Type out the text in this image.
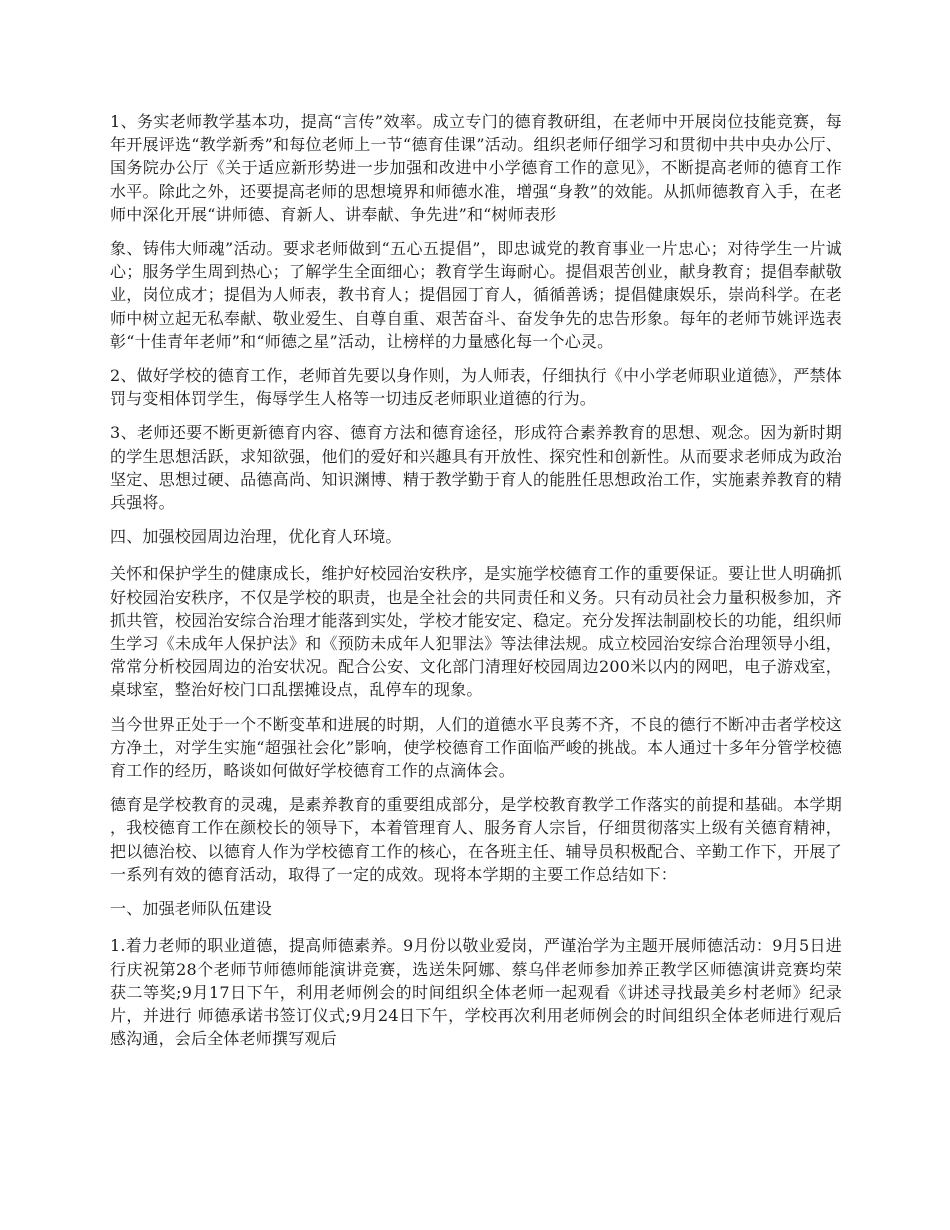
1、务实老师教学基本功，提高“言传”效率。成立专门的德育教研组，在老师中开展岗位技能竞赛，每年开展评选“教学新秀”和每位老师上一节“德育佳课”活动。组织老师仔细学习和贯彻中共中央办公厅、国务院办公厅《关于适应新形势进一步加强和改进中小学德育工作的意见》，不断提高老师的德育工作水平。除此之外，还要提高老师的思想境界和师德水准，增强“身教”的效能。从抓师德教育入手，在老师中深化开展“讲师德、育新人、讲奉献、争先进”和“树师表形

象、铸伟大师魂”活动。要求老师做到“五心五提倡”，即忠诚党的教育事业一片忠心；对待学生一片诚心；服务学生周到热心；了解学生全面细心；教育学生诲耐心。提倡艰苦创业，献身教育；提倡奉献敬业，岗位成才；提倡为人师表，教书育人；提倡园丁育人，循循善诱；提倡健康娱乐，崇尚科学。在老师中树立起无私奉献、敬业爱生、自尊自重、艰苦奋斗、奋发争先的忠告形象。每年的老师节姚评选表彰“十佳青年老师”和“师德之星”活动，让榜样的力量感化每一个心灵。

2、做好学校的德育工作，老师首先要以身作则，为人师表，仔细执行《中小学老师职业道德》，严禁体罚与变相体罚学生，侮辱学生人格等一切违反老师职业道德的行为。

3、老师还要不断更新德育内容、德育方法和德育途径，形成符合素养教育的思想、观念。因为新时期的学生思想活跃，求知欲强，他们的爱好和兴趣具有开放性、探究性和创新性。从而要求老师成为政治坚定、思想过硬、品德高尚、知识渊博、精于教学勤于育人的能胜任思想政治工作，实施素养教育的精兵强将。

四、加强校园周边治理，优化育人环境。

关怀和保护学生的健康成长，维护好校园治安秩序，是实施学校德育工作的重要保证。要让世人明确抓好校园治安秩序，不仅是学校的职责，也是全社会的共同责任和义务。只有动员社会力量积极参加，齐抓共管，校园治安综合治理才能落到实处，学校才能安定、稳定。充分发挥法制副校长的功能，组织师生学习《未成年人保护法》和《预防未成年人犯罪法》等法律法规。成立校园治安综合治理领导小组，常常分析校园周边的治安状况。配合公安、文化部门清理好校园周边200米以内的网吧，电子游戏室，桌球室，整治好校门口乱摆摊设点，乱停车的现象。

当今世界正处于一个不断变革和进展的时期，人们的道德水平良莠不齐，不良的德行不断冲击者学校这方净土，对学生实施“超强社会化”影响，使学校德育工作面临严峻的挑战。本人通过十多年分管学校德育工作的经历，略谈如何做好学校德育工作的点滴体会。

德育是学校教育的灵魂，是素养教育的重要组成部分，是学校教育教学工作落实的前提和基础。本学期，我校德育工作在颜校长的领导下，本着管理育人、服务育人宗旨，仔细贯彻落实上级有关德育精神，把以德治校、以德育人作为学校德育工作的核心，在各班主任、辅导员积极配合、辛勤工作下，开展了一系列有效的德育活动，取得了一定的成效。现将本学期的主要工作总结如下：

一、加强老师队伍建设

1.着力老师的职业道德，提高师德素养。9月份以敬业爱岗，严谨治学为主题开展师德活动：9月5日进行庆祝第28个老师节师德师能演讲竞赛，选送朱阿娜、蔡乌伴老师参加养正教学区师德演讲竞赛均荣获二等奖;9月17日下午，利用老师例会的时间组织全体老师一起观看《讲述寻找最美乡村老师》纪录片，并进行 师德承诺书签订仪式;9月24日下午，学校再次利用老师例会的时间组织全体老师进行观后感沟通，会后全体老师撰写观后
